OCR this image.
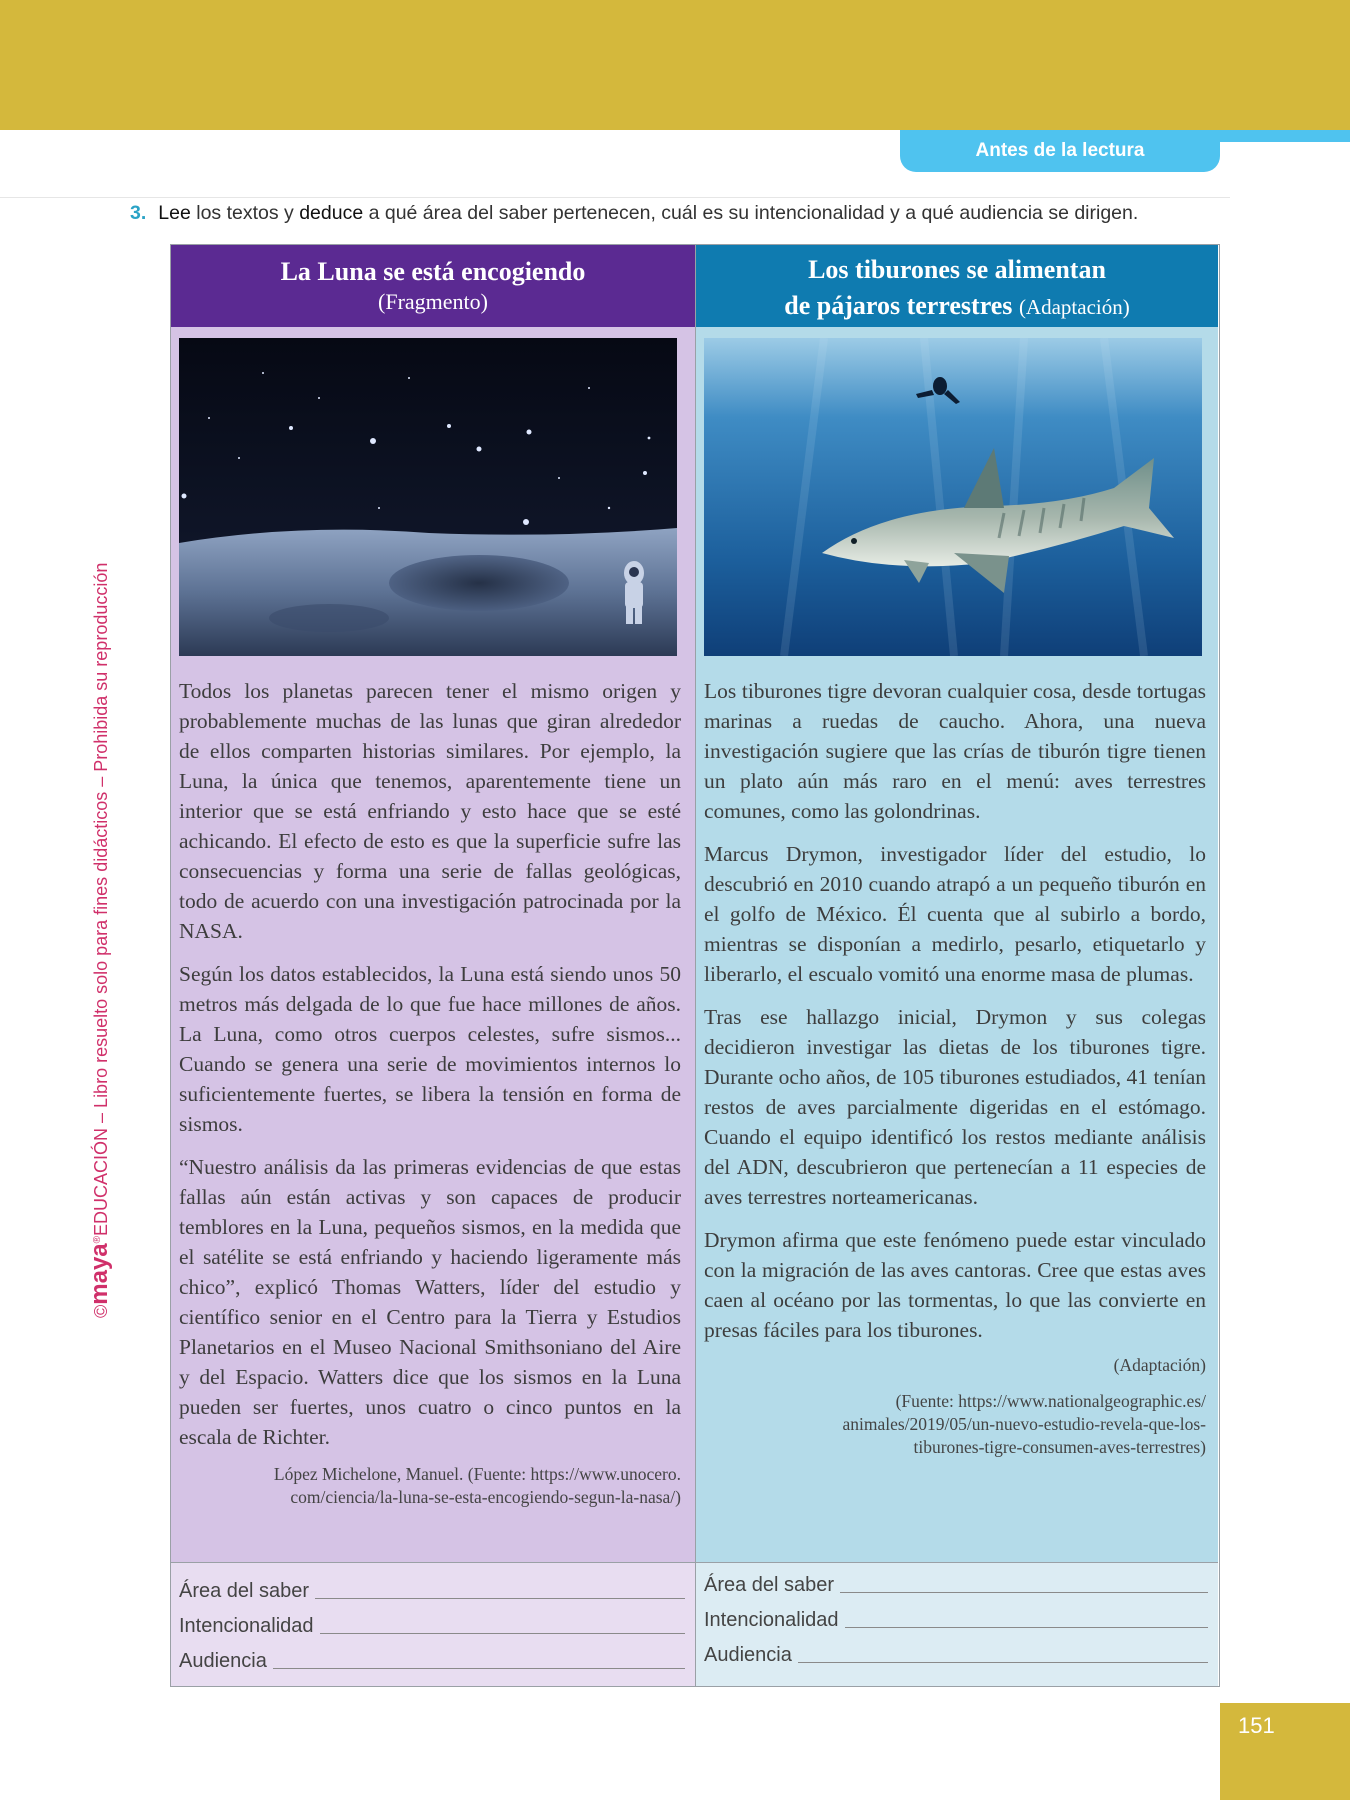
Antes de la lectura
©maya®EDUCACIÓN – Libro resuelto solo para fines didácticos – Prohibida su reproducción
3. Lee los textos y deduce a qué área del saber pertenecen, cuál es su intencionalidad y a qué audiencia se dirigen.
La Luna se está encogiendo
(Fragmento)

Todos los planetas parecen tener el mismo origen y probablemente muchas de las lunas que giran alrededor de ellos comparten historias similares. Por ejemplo, la Luna, la única que tenemos, aparentemente tiene un interior que se está enfriando y esto hace que se esté achicando. El efecto de esto es que la superficie sufre las consecuencias y forma una serie de fallas geológicas, todo de acuerdo con una investigación patrocinada por la NASA.

Según los datos establecidos, la Luna está siendo unos 50 metros más delgada de lo que fue hace millones de años. La Luna, como otros cuerpos celestes, sufre sismos... Cuando se genera una serie de movimientos internos lo suficientemente fuertes, se libera la tensión en forma de sismos.

“Nuestro análisis da las primeras evidencias de que estas fallas aún están activas y son capaces de producir temblores en la Luna, pequeños sismos, en la medida que el satélite se está enfriando y haciendo ligeramente más chico”, explicó Thomas Watters, líder del estudio y científico senior en el Centro para la Tierra y Estudios Planetarios en el Museo Nacional Smithsoniano del Aire y del Espacio. Watters dice que los sismos en la Luna pueden ser fuertes, unos cuatro o cinco puntos en la escala de Richter.

López Michelone, Manuel. (Fuente: https://www.unocero.
com/ciencia/la-luna-se-esta-encogiendo-segun-la-nasa/)
Área del saber
Intencionalidad
Audiencia
Los tiburones se alimentan
de pájaros terrestres (Adaptación)

Los tiburones tigre devoran cualquier cosa, desde tortugas marinas a ruedas de caucho. Ahora, una nueva investigación sugiere que las crías de tiburón tigre tienen un plato aún más raro en el menú: aves terrestres comunes, como las golondrinas.

Marcus Drymon, investigador líder del estudio, lo descubrió en 2010 cuando atrapó a un pequeño tiburón en el golfo de México. Él cuenta que al subirlo a bordo, mientras se disponían a medirlo, pesarlo, etiquetarlo y liberarlo, el escualo vomitó una enorme masa de plumas.

Tras ese hallazgo inicial, Drymon y sus colegas decidieron investigar las dietas de los tiburones tigre. Durante ocho años, de 105 tiburones estudiados, 41 tenían restos de aves parcialmente digeridas en el estómago. Cuando el equipo identificó los restos mediante análisis del ADN, descubrieron que pertenecían a 11 especies de aves terrestres norteamericanas.

Drymon afirma que este fenómeno puede estar vinculado con la migración de las aves cantoras. Cree que estas aves caen al océano por las tormentas, lo que las convierte en presas fáciles para los tiburones.

(Adaptación)
(Fuente: https://www.nationalgeographic.es/
animales/2019/05/un-nuevo-estudio-revela-que-los-
tiburones-tigre-consumen-aves-terrestres)
Área del saber
Intencionalidad
Audiencia
151
